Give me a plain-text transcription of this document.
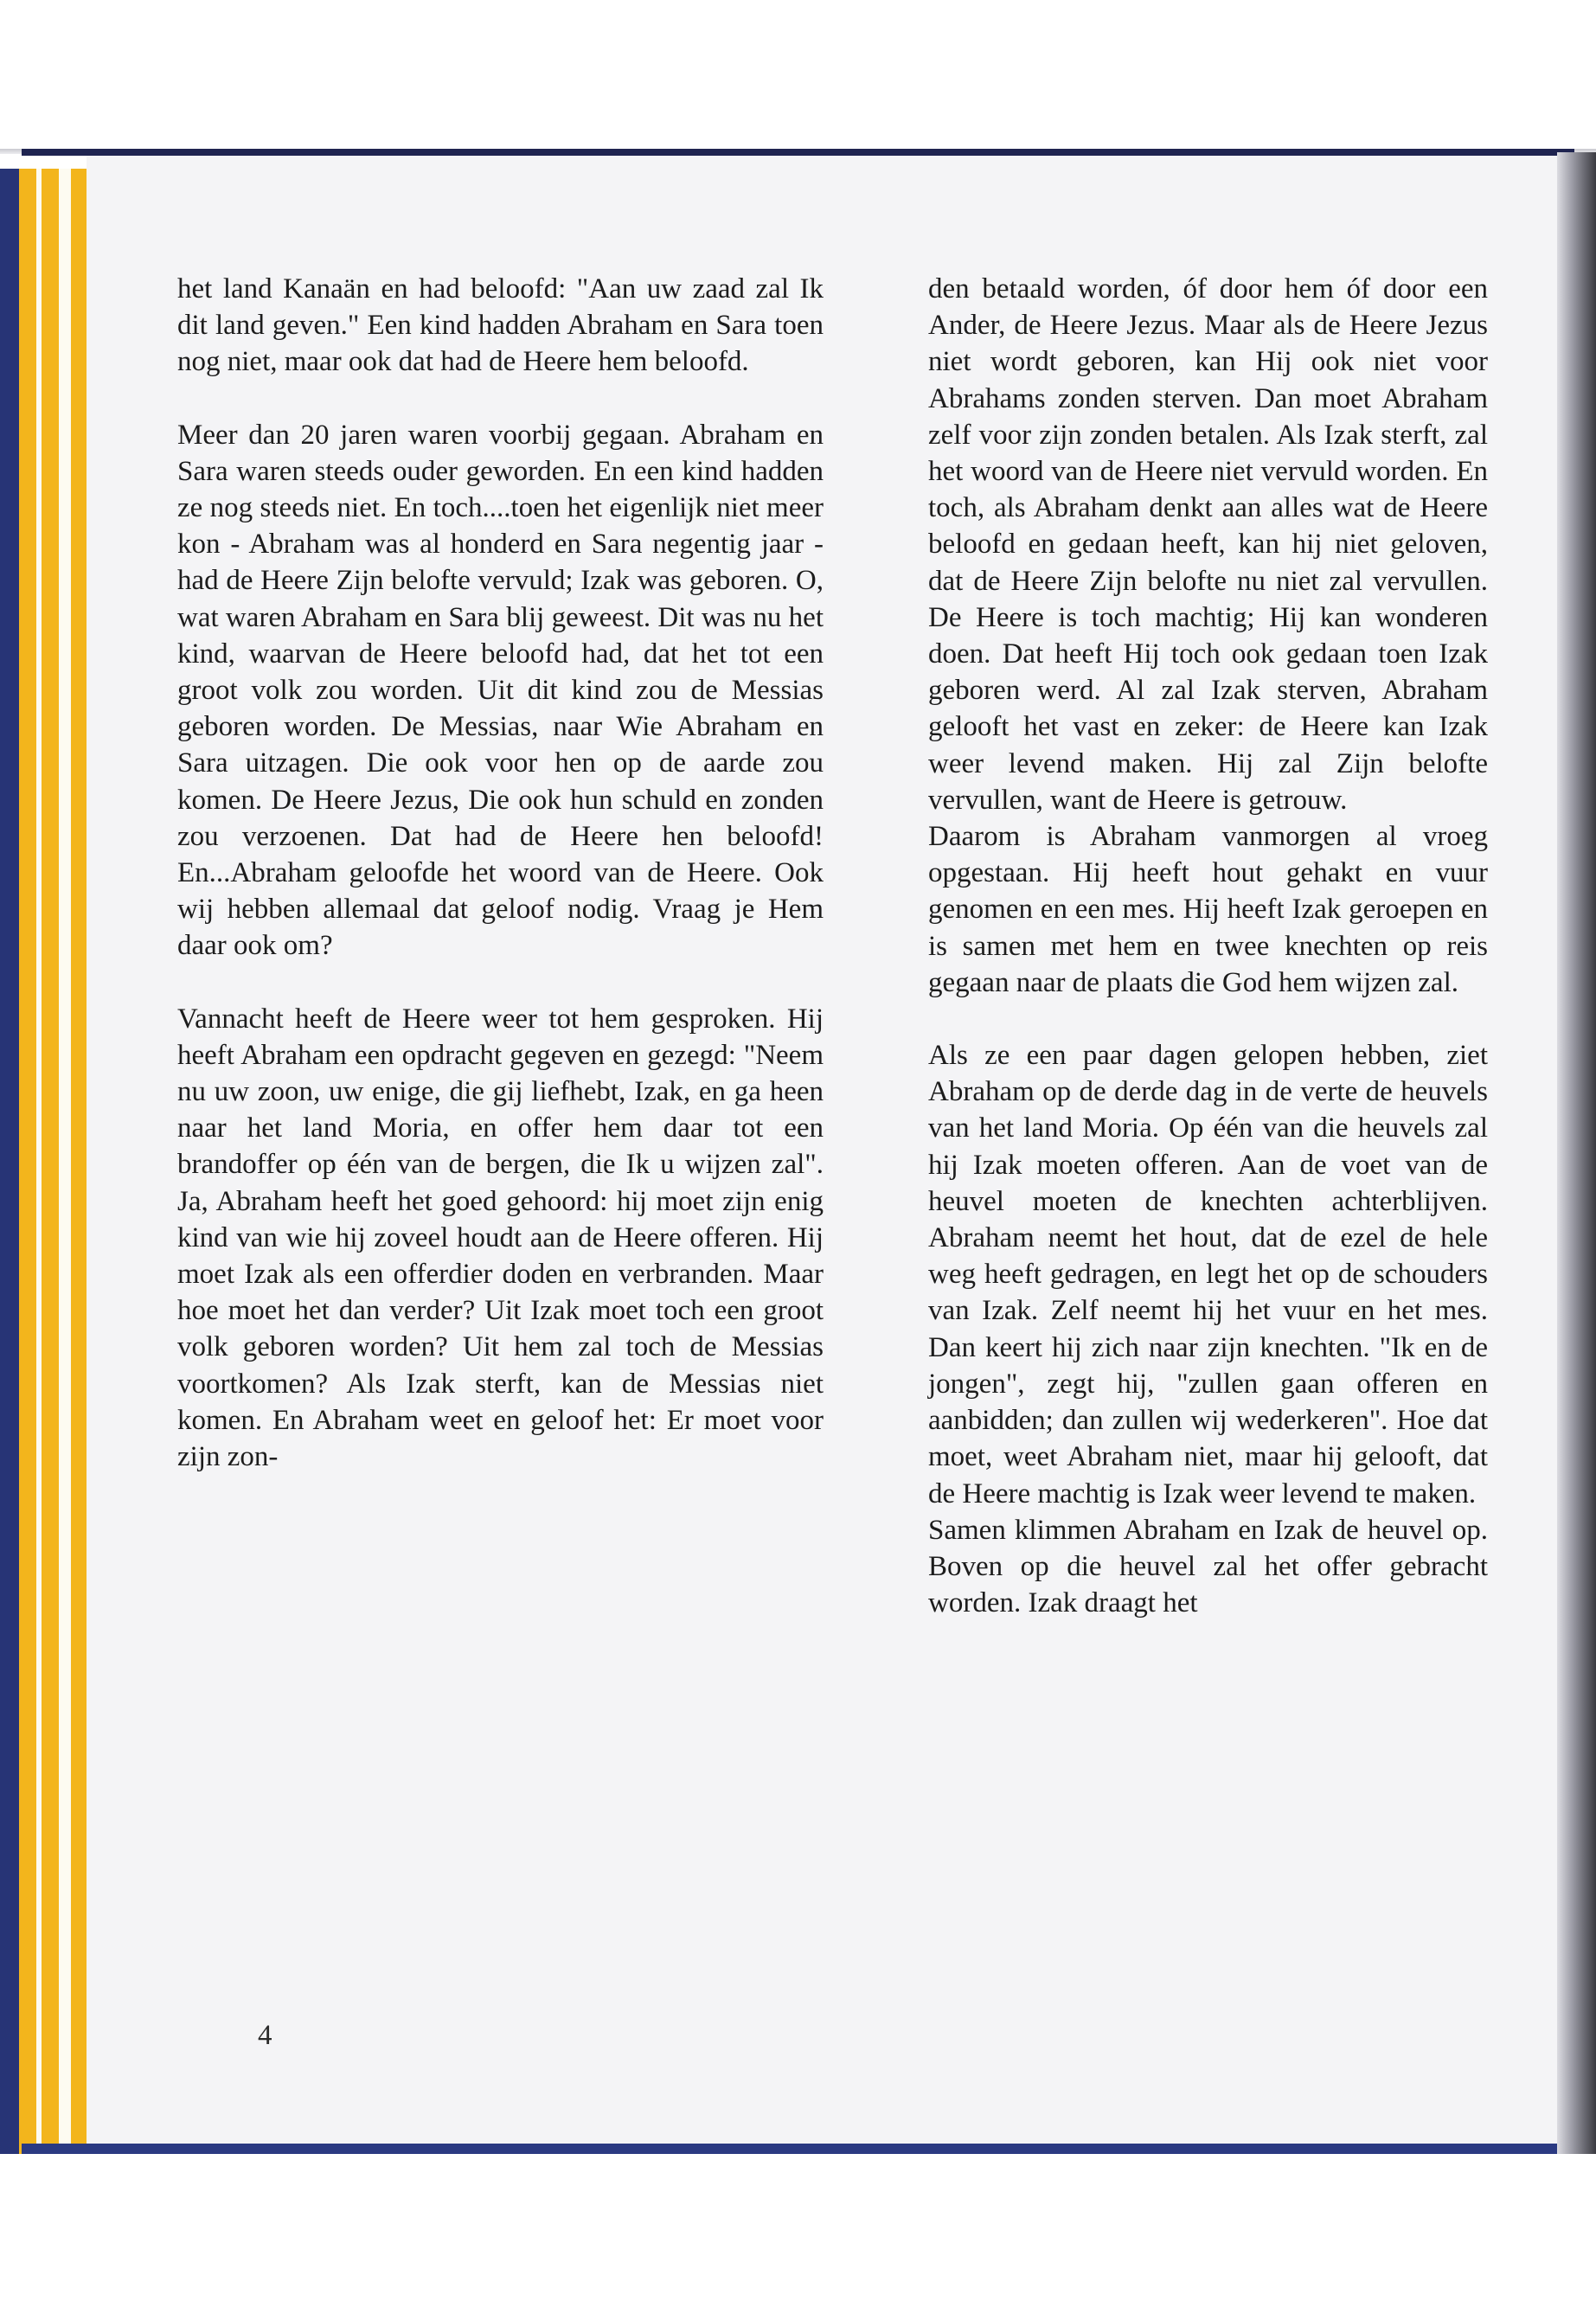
het land Kanaän en had beloofd: "Aan uw zaad zal Ik dit land geven." Een kind hadden Abraham en Sara toen nog niet, maar ook dat had de Heere hem beloofd.

Meer dan 20 jaren waren voorbij gegaan. Abraham en Sara waren steeds ouder geworden. En een kind hadden ze nog steeds niet. En toch....toen het eigenlijk niet meer kon - Abraham was al honderd en Sara negentig jaar - had de Heere Zijn belofte vervuld; Izak was geboren. O, wat waren Abraham en Sara blij geweest. Dit was nu het kind, waarvan de Heere beloofd had, dat het tot een groot volk zou worden. Uit dit kind zou de Messias geboren worden. De Messias, naar Wie Abraham en Sara uitzagen. Die ook voor hen op de aarde zou komen. De Heere Jezus, Die ook hun schuld en zonden zou verzoenen. Dat had de Heere hen beloofd! En...Abraham geloofde het woord van de Heere. Ook wij hebben allemaal dat geloof nodig. Vraag je Hem daar ook om?

Vannacht heeft de Heere weer tot hem gesproken. Hij heeft Abraham een opdracht gegeven en gezegd: "Neem nu uw zoon, uw enige, die gij liefhebt, Izak, en ga heen naar het land Moria, en offer hem daar tot een brandoffer op één van de bergen, die Ik u wijzen zal". Ja, Abraham heeft het goed gehoord: hij moet zijn enig kind van wie hij zoveel houdt aan de Heere offeren. Hij moet Izak als een offerdier doden en verbranden. Maar hoe moet het dan verder? Uit Izak moet toch een groot volk geboren worden? Uit hem zal toch de Messias voortkomen? Als Izak sterft, kan de Messias niet komen. En Abraham weet en geloof het: Er moet voor zijn zon-

den betaald worden, óf door hem óf door een Ander, de Heere Jezus. Maar als de Heere Jezus niet wordt geboren, kan Hij ook niet voor Abrahams zonden sterven. Dan moet Abraham zelf voor zijn zonden betalen. Als Izak sterft, zal het woord van de Heere niet vervuld worden. En toch, als Abraham denkt aan alles wat de Heere beloofd en gedaan heeft, kan hij niet geloven, dat de Heere Zijn belofte nu niet zal vervullen. De Heere is toch machtig; Hij kan wonderen doen. Dat heeft Hij toch ook gedaan toen Izak geboren werd. Al zal Izak sterven, Abraham gelooft het vast en zeker: de Heere kan Izak weer levend maken. Hij zal Zijn belofte vervullen, want de Heere is getrouw.

Daarom is Abraham vanmorgen al vroeg opgestaan. Hij heeft hout gehakt en vuur genomen en een mes. Hij heeft Izak geroepen en is samen met hem en twee knechten op reis gegaan naar de plaats die God hem wijzen zal.

Als ze een paar dagen gelopen hebben, ziet Abraham op de derde dag in de verte de heuvels van het land Moria. Op één van die heuvels zal hij Izak moeten offeren. Aan de voet van de heuvel moeten de knechten achterblijven. Abraham neemt het hout, dat de ezel de hele weg heeft gedragen, en legt het op de schouders van Izak. Zelf neemt hij het vuur en het mes. Dan keert hij zich naar zijn knechten. "Ik en de jongen", zegt hij, "zullen gaan offeren en aanbidden; dan zullen wij wederkeren". Hoe dat moet, weet Abraham niet, maar hij gelooft, dat de Heere machtig is Izak weer levend te maken.

Samen klimmen Abraham en Izak de heuvel op. Boven op die heuvel zal het offer gebracht worden. Izak draagt het

4
